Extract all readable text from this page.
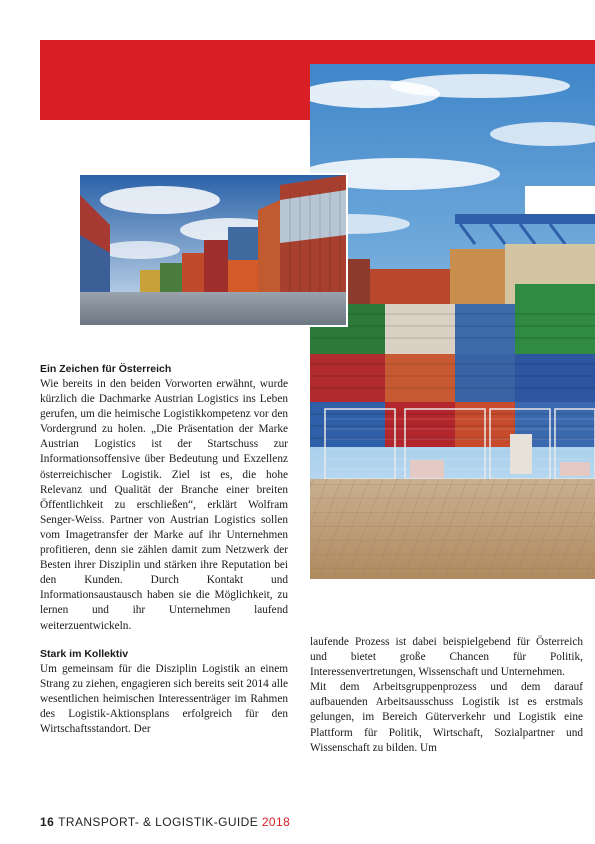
Ein Zeichen für Österreich

Wie bereits in den beiden Vorworten erwähnt, wurde kürzlich die Dachmarke Austrian Logistics ins Leben gerufen, um die heimische Logistikkompetenz vor den Vordergrund zu holen. „Die Präsentation der Marke Austrian Logistics ist der Startschuss zur Informationsoffensive über Bedeutung und Exzellenz österreichischer Logistik. Ziel ist es, die hohe Relevanz und Qualität der Branche einer breiten Öffentlichkeit zu erschließen“, erklärt Wolfram Senger-Weiss. Partner von Austrian Logistics sollen vom Imagetransfer der Marke auf ihr Unternehmen profitieren, denn sie zählen damit zum Netzwerk der Besten ihrer Disziplin und stärken ihre Reputation bei den Kunden. Durch Kontakt und Informationsaustausch haben sie die Möglichkeit, zu lernen und ihr Unternehmen laufend weiterzuentwickeln.

Stark im Kollektiv

Um gemeinsam für die Disziplin Logistik an einem Strang zu ziehen, engagieren sich bereits seit 2014 alle wesentlichen heimischen Interessenträger im Rahmen des Logistik-Aktionsplans erfolgreich für den Wirtschaftsstandort. Der

laufende Prozess ist dabei beispielgebend für Österreich und bietet große Chancen für Politik, Interessenvertretungen, Wissenschaft und Unternehmen.

Mit dem Arbeitsgruppenprozess und dem darauf aufbauenden Arbeitsausschuss Logistik ist es erstmals gelungen, im Bereich Güterverkehr und Logistik eine Plattform für Politik, Wirtschaft, Sozialpartner und Wissenschaft zu bilden. Um

16 TRANSPORT- & LOGISTIK-GUIDE 2018
